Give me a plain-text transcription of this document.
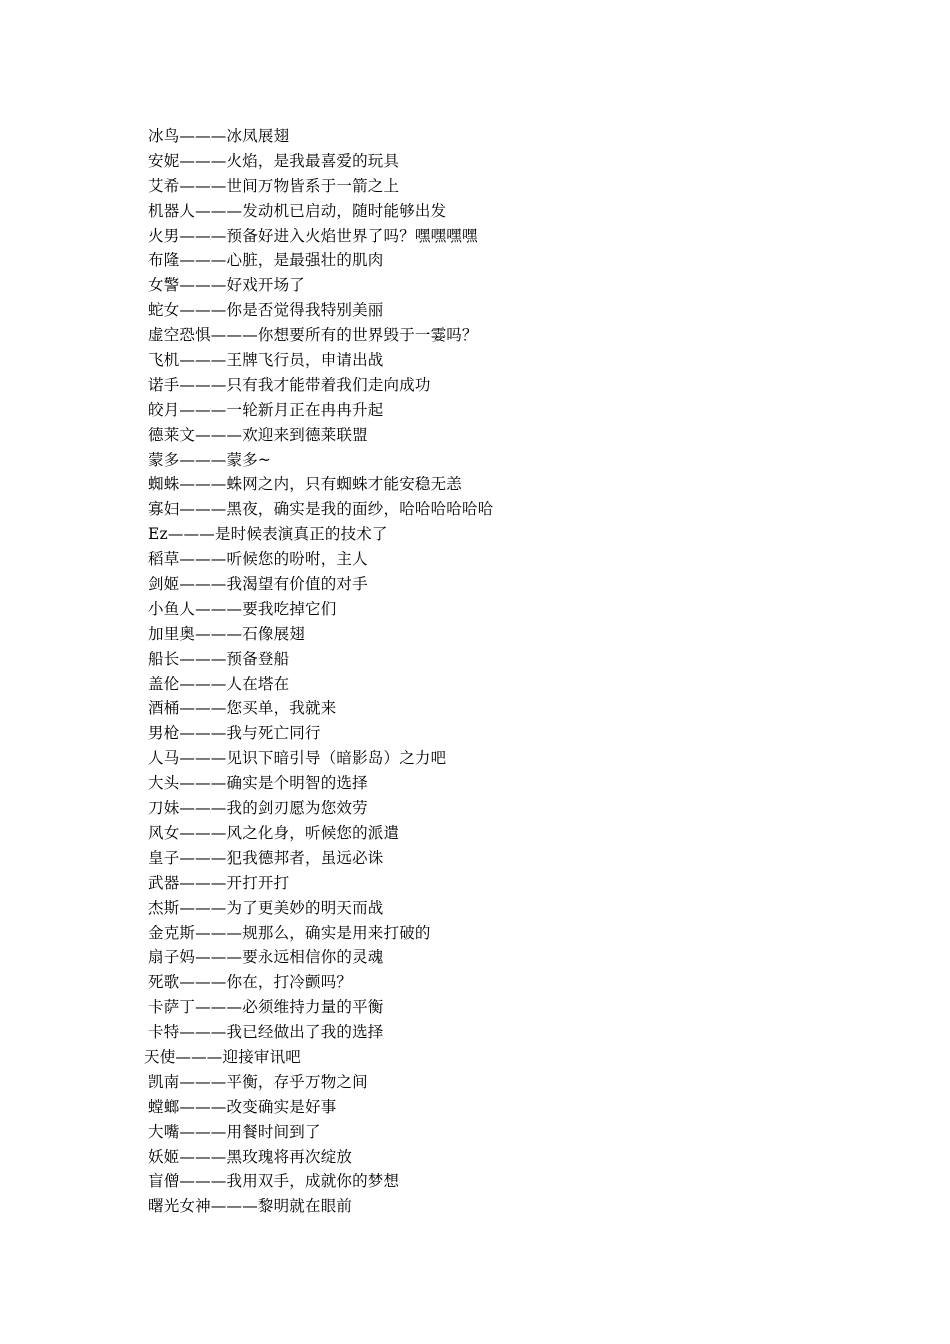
冰鸟———冰凤展翅
安妮———火焰，是我最喜爱的玩具
艾希———世间万物皆系于一箭之上
机器人———发动机已启动，随时能够出发
火男———预备好进入火焰世界了吗？嘿嘿嘿嘿
布隆———心脏，是最强壮的肌肉
女警———好戏开场了
蛇女———你是否觉得我特别美丽
虚空恐惧———你想要所有的世界毁于一霎吗？
飞机———王牌飞行员，申请出战
诺手———只有我才能带着我们走向成功
皎月———一轮新月正在冉冉升起
德莱文———欢迎来到德莱联盟
蒙多———蒙多~
蜘蛛———蛛网之内，只有蜘蛛才能安稳无恙
寡妇———黑夜，确实是我的面纱，哈哈哈哈哈哈
Ez———是时候表演真正的技术了
稻草———听候您的吩咐，主人
剑姬———我渴望有价值的对手
小鱼人———要我吃掉它们
加里奥———石像展翅
船长———预备登船
盖伦———人在塔在
酒桶———您买单，我就来
男枪———我与死亡同行
人马———见识下暗引导（暗影岛）之力吧
大头———确实是个明智的选择
刀妹———我的剑刃愿为您效劳
风女———风之化身，听候您的派遣
皇子———犯我德邦者，虽远必诛
武器———开打开打
杰斯———为了更美妙的明天而战
金克斯———规那么，确实是用来打破的
扇子妈———要永远相信你的灵魂
死歌———你在，打冷颤吗？
卡萨丁———必须维持力量的平衡
卡特———我已经做出了我的选择
天使———迎接审讯吧
凯南———平衡，存乎万物之间
螳螂———改变确实是好事
大嘴———用餐时间到了
妖姬———黑玫瑰将再次绽放
盲僧———我用双手，成就你的梦想
曙光女神———黎明就在眼前
